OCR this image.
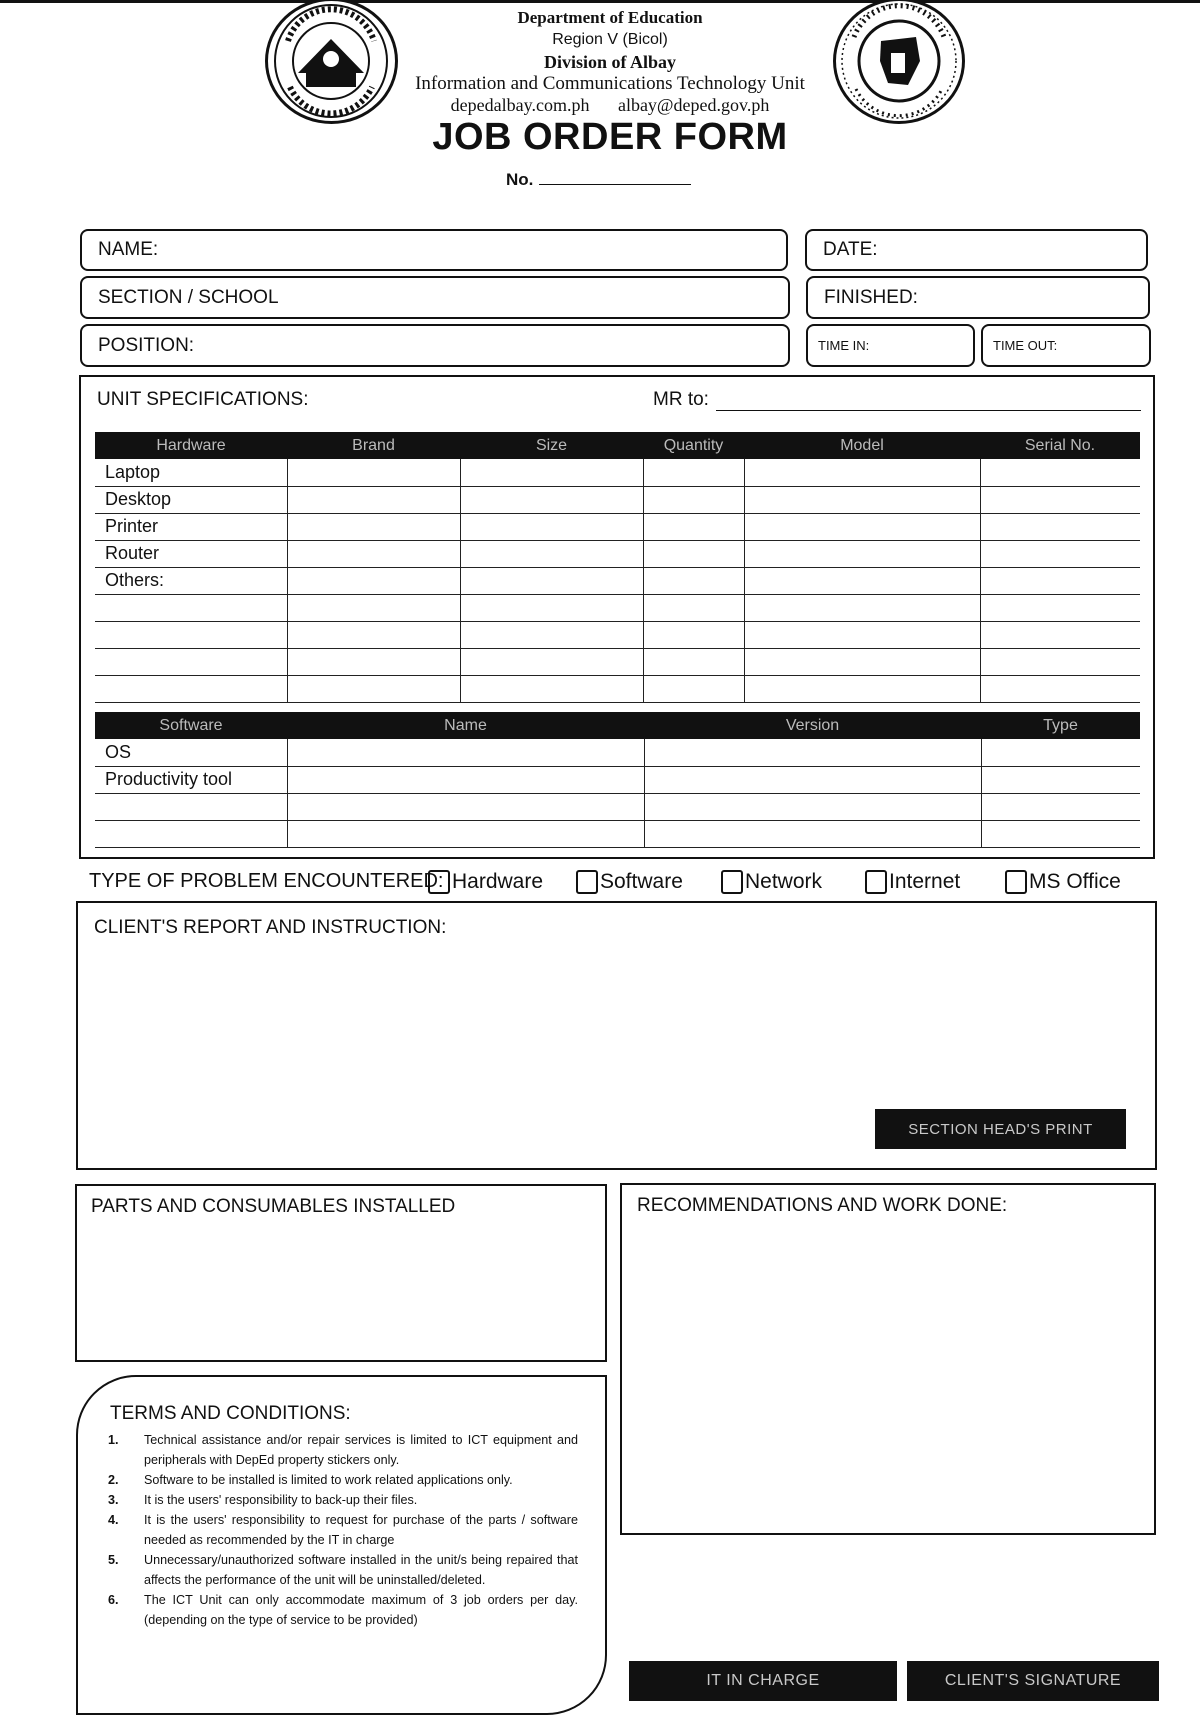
Department of Education
Region V (Bicol)
Division of Albay
Information and Communications Technology Unit
depedalbay.com.ph albay@deped.gov.ph
JOB ORDER FORM
No.
NAME:
SECTION / SCHOOL
POSITION:
DATE:
FINISHED:
TIME IN:	TIME OUT:
UNIT SPECIFICATIONS:	MR to:
Hardware	Brand	Size	Quantity	Model	Serial No.
Laptop					
Desktop					
Printer					
Router					
Others:					

Software	Name	Version	Type
OS			
Productivity tool			

TYPE OF PROBLEM ENCOUNTERED: Hardware	Software	Network	Internet	MS Office
CLIENT'S REPORT AND INSTRUCTION:
SECTION HEAD'S PRINT
PARTS AND CONSUMABLES INSTALLED	RECOMMENDATIONS AND WORK DONE:
TERMS AND CONDITIONS:
1. Technical assistance and/or repair services is limited to ICT equipment and peripherals with DepEd property stickers only.
2. Software to be installed is limited to work related applications only.
3. It is the users' responsibility to back-up their files.
4. It is the users' responsibility to request for purchase of the parts / software needed as recommended by the IT in charge
5. Unnecessary/unauthorized software installed in the unit/s being repaired that affects the performance of the unit will be uninstalled/deleted.
6. The ICT Unit can only accommodate maximum of 3 job orders per day. (depending on the type of service to be provided)
IT IN CHARGE	CLIENT'S SIGNATURE
